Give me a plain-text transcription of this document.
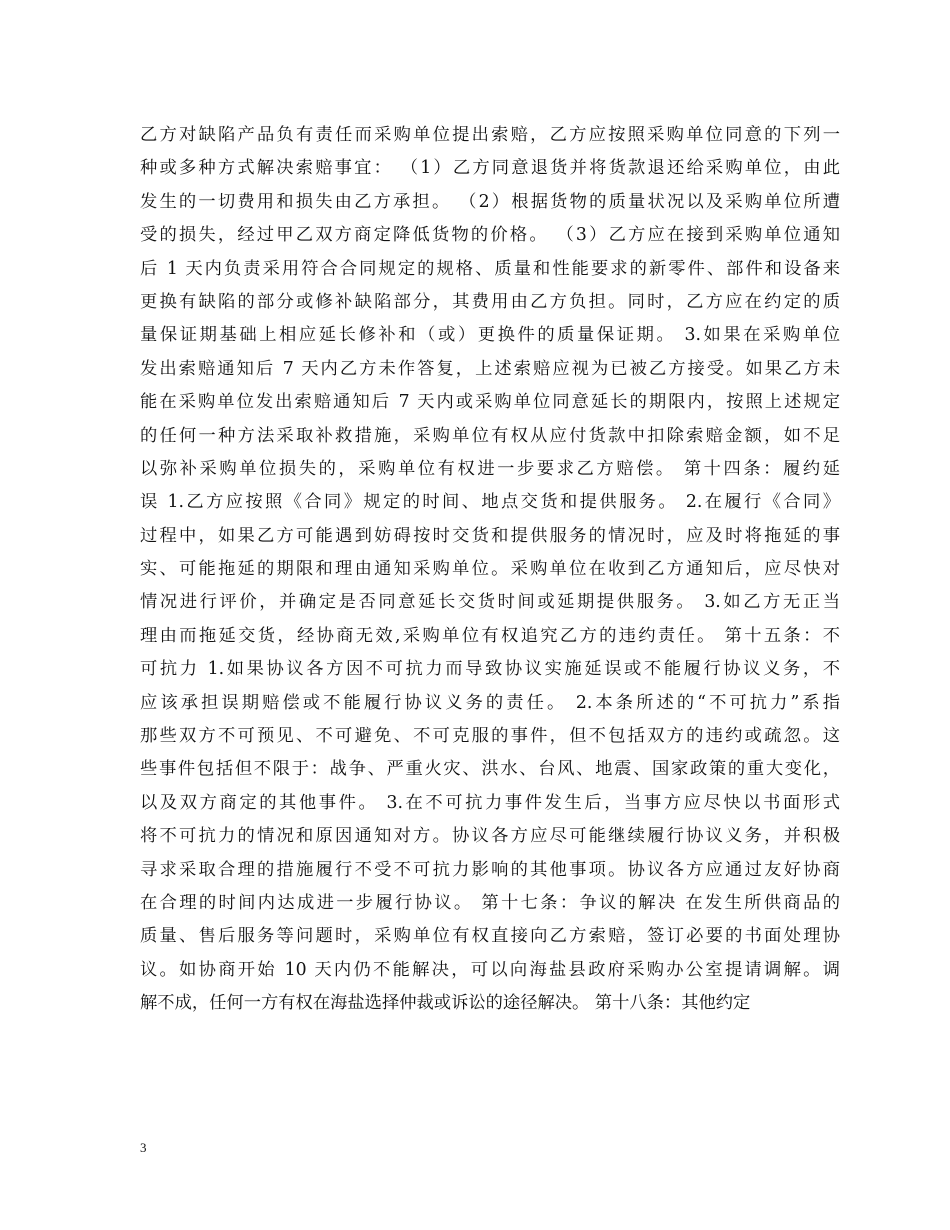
乙方对缺陷产品负有责任而采购单位提出索赔，乙方应按照采购单位同意的下列一
种或多种方式解决索赔事宜： （1）乙方同意退货并将货款退还给采购单位，由此
发生的一切费用和损失由乙方承担。 （2）根据货物的质量状况以及采购单位所遭
受的损失，经过甲乙双方商定降低货物的价格。 （3）乙方应在接到采购单位通知
后 1 天内负责采用符合合同规定的规格、质量和性能要求的新零件、部件和设备来
更换有缺陷的部分或修补缺陷部分，其费用由乙方负担。同时，乙方应在约定的质
量保证期基础上相应延长修补和（或）更换件的质量保证期。 3.如果在采购单位
发出索赔通知后 7 天内乙方未作答复，上述索赔应视为已被乙方接受。如果乙方未
能在采购单位发出索赔通知后 7 天内或采购单位同意延长的期限内，按照上述规定
的任何一种方法采取补救措施，采购单位有权从应付货款中扣除索赔金额，如不足
以弥补采购单位损失的，采购单位有权进一步要求乙方赔偿。 第十四条：履约延
误 1.乙方应按照《合同》规定的时间、地点交货和提供服务。 2.在履行《合同》
过程中，如果乙方可能遇到妨碍按时交货和提供服务的情况时，应及时将拖延的事
实、可能拖延的期限和理由通知采购单位。采购单位在收到乙方通知后，应尽快对
情况进行评价，并确定是否同意延长交货时间或延期提供服务。 3.如乙方无正当
理由而拖延交货，经协商无效,采购单位有权追究乙方的违约责任。 第十五条：不
可抗力 1.如果协议各方因不可抗力而导致协议实施延误或不能履行协议义务，不
应该承担误期赔偿或不能履行协议义务的责任。 2.本条所述的“不可抗力”系指
那些双方不可预见、不可避免、不可克服的事件，但不包括双方的违约或疏忽。这
些事件包括但不限于：战争、严重火灾、洪水、台风、地震、国家政策的重大变化，
以及双方商定的其他事件。 3.在不可抗力事件发生后，当事方应尽快以书面形式
将不可抗力的情况和原因通知对方。协议各方应尽可能继续履行协议义务，并积极
寻求采取合理的措施履行不受不可抗力影响的其他事项。协议各方应通过友好协商
在合理的时间内达成进一步履行协议。 第十七条：争议的解决 在发生所供商品的
质量、售后服务等问题时，采购单位有权直接向乙方索赔，签订必要的书面处理协
议。如协商开始 10 天内仍不能解决，可以向海盐县政府采购办公室提请调解。调
解不成，任何一方有权在海盐选择仲裁或诉讼的途径解决。 第十八条：其他约定
3
